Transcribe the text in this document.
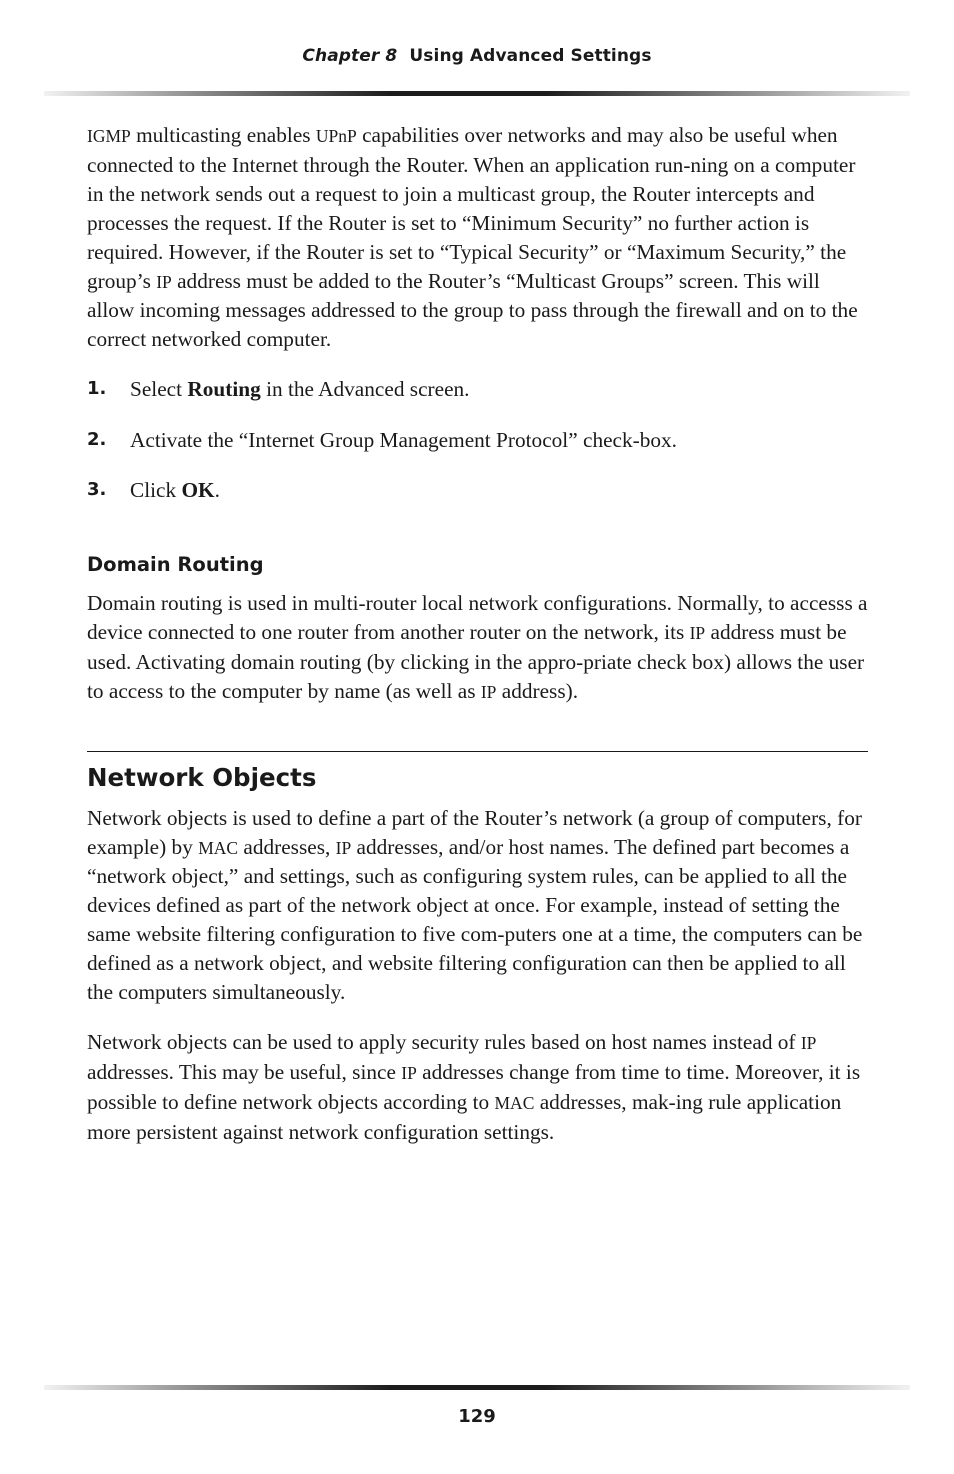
Chapter 8 Using Advanced Settings

IGMP multicasting enables UPnP capabilities over networks and may also be useful when connected to the Internet through the Router. When an application run-ning on a computer in the network sends out a request to join a multicast group, the Router intercepts and processes the request. If the Router is set to “Minimum Security” no further action is required. However, if the Router is set to “Typical Security” or “Maximum Security,” the group’s IP address must be added to the Router’s “Multicast Groups” screen. This will allow incoming messages addressed to the group to pass through the firewall and on to the correct networked computer.

1.	Select Routing in the Advanced screen.
2.	Activate the “Internet Group Management Protocol” check-box.
3.	Click OK.
Domain Routing

Domain routing is used in multi-router local network configurations. Normally, to accesss a device connected to one router from another router on the network, its IP address must be used. Activating domain routing (by clicking in the appro-priate check box) allows the user to access to the computer by name (as well as IP address).

Network Objects

Network objects is used to define a part of the Router’s network (a group of computers, for example) by MAC addresses, IP addresses, and/or host names. The defined part becomes a “network object,” and settings, such as configuring system rules, can be applied to all the devices defined as part of the network object at once. For example, instead of setting the same website filtering configuration to five com-puters one at a time, the computers can be defined as a network object, and website filtering configuration can then be applied to all the computers simultaneously.

Network objects can be used to apply security rules based on host names instead of IP addresses. This may be useful, since IP addresses change from time to time. Moreover, it is possible to define network objects according to MAC addresses, mak-ing rule application more persistent against network configuration settings.

129
